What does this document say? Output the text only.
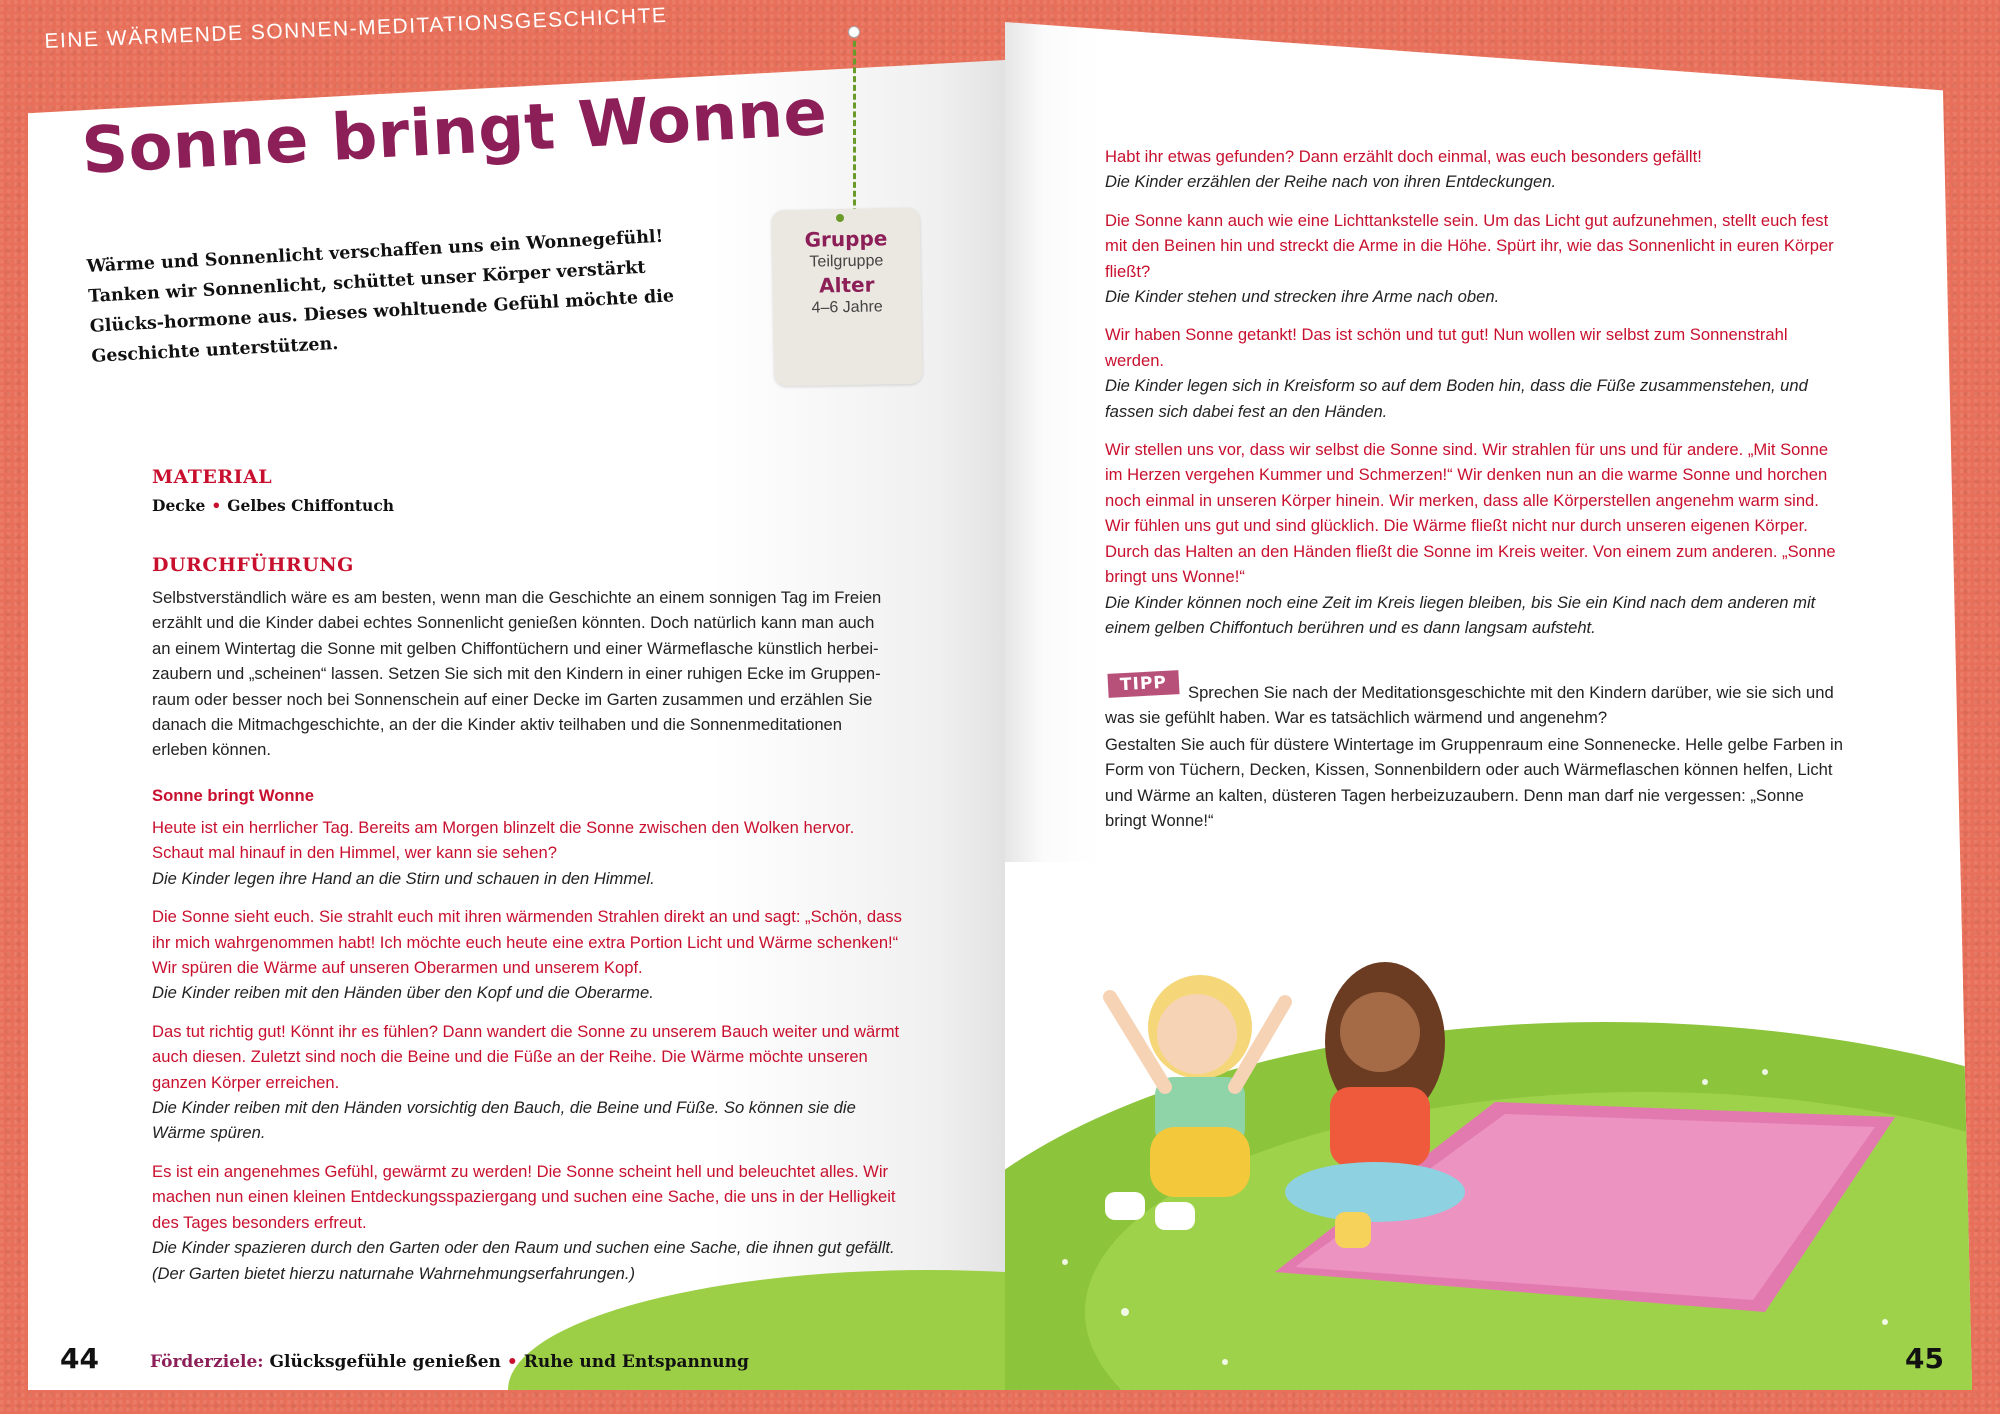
EINE WÄRMENDE SONNEN-MEDITATIONSGESCHICHTE
Gruppe
Teilgruppe
Alter
4–6 Jahre
Sonne bringt Wonne
Wärme und Sonnenlicht verschaffen uns ein Wonnegefühl! Tanken wir Sonnenlicht, schüttet unser Körper verstärkt Glücks-hormone aus. Dieses wohltuende Gefühl möchte die Geschichte unterstützen.
MATERIAL
Decke • Gelbes Chiffontuch
DURCHFÜHRUNG
Selbstverständlich wäre es am besten, wenn man die Geschichte an einem sonnigen Tag im Freien erzählt und die Kinder dabei echtes Sonnenlicht genießen könnten. Doch natürlich kann man auch an einem Wintertag die Sonne mit gelben Chiffontüchern und einer Wärmeflasche künstlich herbei-zaubern und „scheinen“ lassen. Setzen Sie sich mit den Kindern in einer ruhigen Ecke im Gruppen-raum oder besser noch bei Sonnenschein auf einer Decke im Garten zusammen und erzählen Sie danach die Mitmachgeschichte, an der die Kinder aktiv teilhaben und die Sonnenmeditationen erleben können.
Sonne bringt Wonne

Heute ist ein herrlicher Tag. Bereits am Morgen blinzelt die Sonne zwischen den Wolken hervor. Schaut mal hinauf in den Himmel, wer kann sie sehen?
Die Kinder legen ihre Hand an die Stirn und schauen in den Himmel.

Die Sonne sieht euch. Sie strahlt euch mit ihren wärmenden Strahlen direkt an und sagt: „Schön, dass ihr mich wahrgenommen habt! Ich möchte euch heute eine extra Portion Licht und Wärme schenken!“ Wir spüren die Wärme auf unseren Oberarmen und unserem Kopf.
Die Kinder reiben mit den Händen über den Kopf und die Oberarme.

Das tut richtig gut! Könnt ihr es fühlen? Dann wandert die Sonne zu unserem Bauch weiter und wärmt auch diesen. Zuletzt sind noch die Beine und die Füße an der Reihe. Die Wärme möchte unseren ganzen Körper erreichen.
Die Kinder reiben mit den Händen vorsichtig den Bauch, die Beine und Füße. So können sie die Wärme spüren.

Es ist ein angenehmes Gefühl, gewärmt zu werden! Die Sonne scheint hell und beleuchtet alles. Wir machen nun einen kleinen Entdeckungsspaziergang und suchen eine Sache, die uns in der Helligkeit des Tages besonders erfreut.
Die Kinder spazieren durch den Garten oder den Raum und suchen eine Sache, die ihnen gut gefällt. (Der Garten bietet hierzu naturnahe Wahrnehmungserfahrungen.)

Habt ihr etwas gefunden? Dann erzählt doch einmal, was euch besonders gefällt!
Die Kinder erzählen der Reihe nach von ihren Entdeckungen.

Die Sonne kann auch wie eine Lichttankstelle sein. Um das Licht gut aufzunehmen, stellt euch fest mit den Beinen hin und streckt die Arme in die Höhe. Spürt ihr, wie das Sonnenlicht in euren Körper fließt?
Die Kinder stehen und strecken ihre Arme nach oben.

Wir haben Sonne getankt! Das ist schön und tut gut! Nun wollen wir selbst zum Sonnenstrahl werden.
Die Kinder legen sich in Kreisform so auf dem Boden hin, dass die Füße zusammenstehen, und fassen sich dabei fest an den Händen.

Wir stellen uns vor, dass wir selbst die Sonne sind. Wir strahlen für uns und für andere. „Mit Sonne im Herzen vergehen Kummer und Schmerzen!“ Wir denken nun an die warme Sonne und horchen noch einmal in unseren Körper hinein. Wir merken, dass alle Körperstellen angenehm warm sind. Wir fühlen uns gut und sind glücklich. Die Wärme fließt nicht nur durch unseren eigenen Körper. Durch das Halten an den Händen fließt die Sonne im Kreis weiter. Von einem zum anderen. „Sonne bringt uns Wonne!“
Die Kinder können noch eine Zeit im Kreis liegen bleiben, bis Sie ein Kind nach dem anderen mit einem gelben Chiffontuch berühren und es dann langsam aufsteht.

TIPP	Sprechen Sie nach der Meditationsgeschichte mit den Kindern darüber, wie sie sich und was sie gefühlt haben. War es tatsächlich wärmend und angenehm?
Gestalten Sie auch für düstere Wintertage im Gruppenraum eine Sonnenecke. Helle gelbe Farben in Form von Tüchern, Decken, Kissen, Sonnenbildern oder auch Wärmeflaschen können helfen, Licht und Wärme an kalten, düsteren Tagen herbeizuzaubern. Denn man darf nie vergessen: „Sonne bringt Wonne!“
44	45
Förderziele: Glücksgefühle genießen • Ruhe und Entspannung
